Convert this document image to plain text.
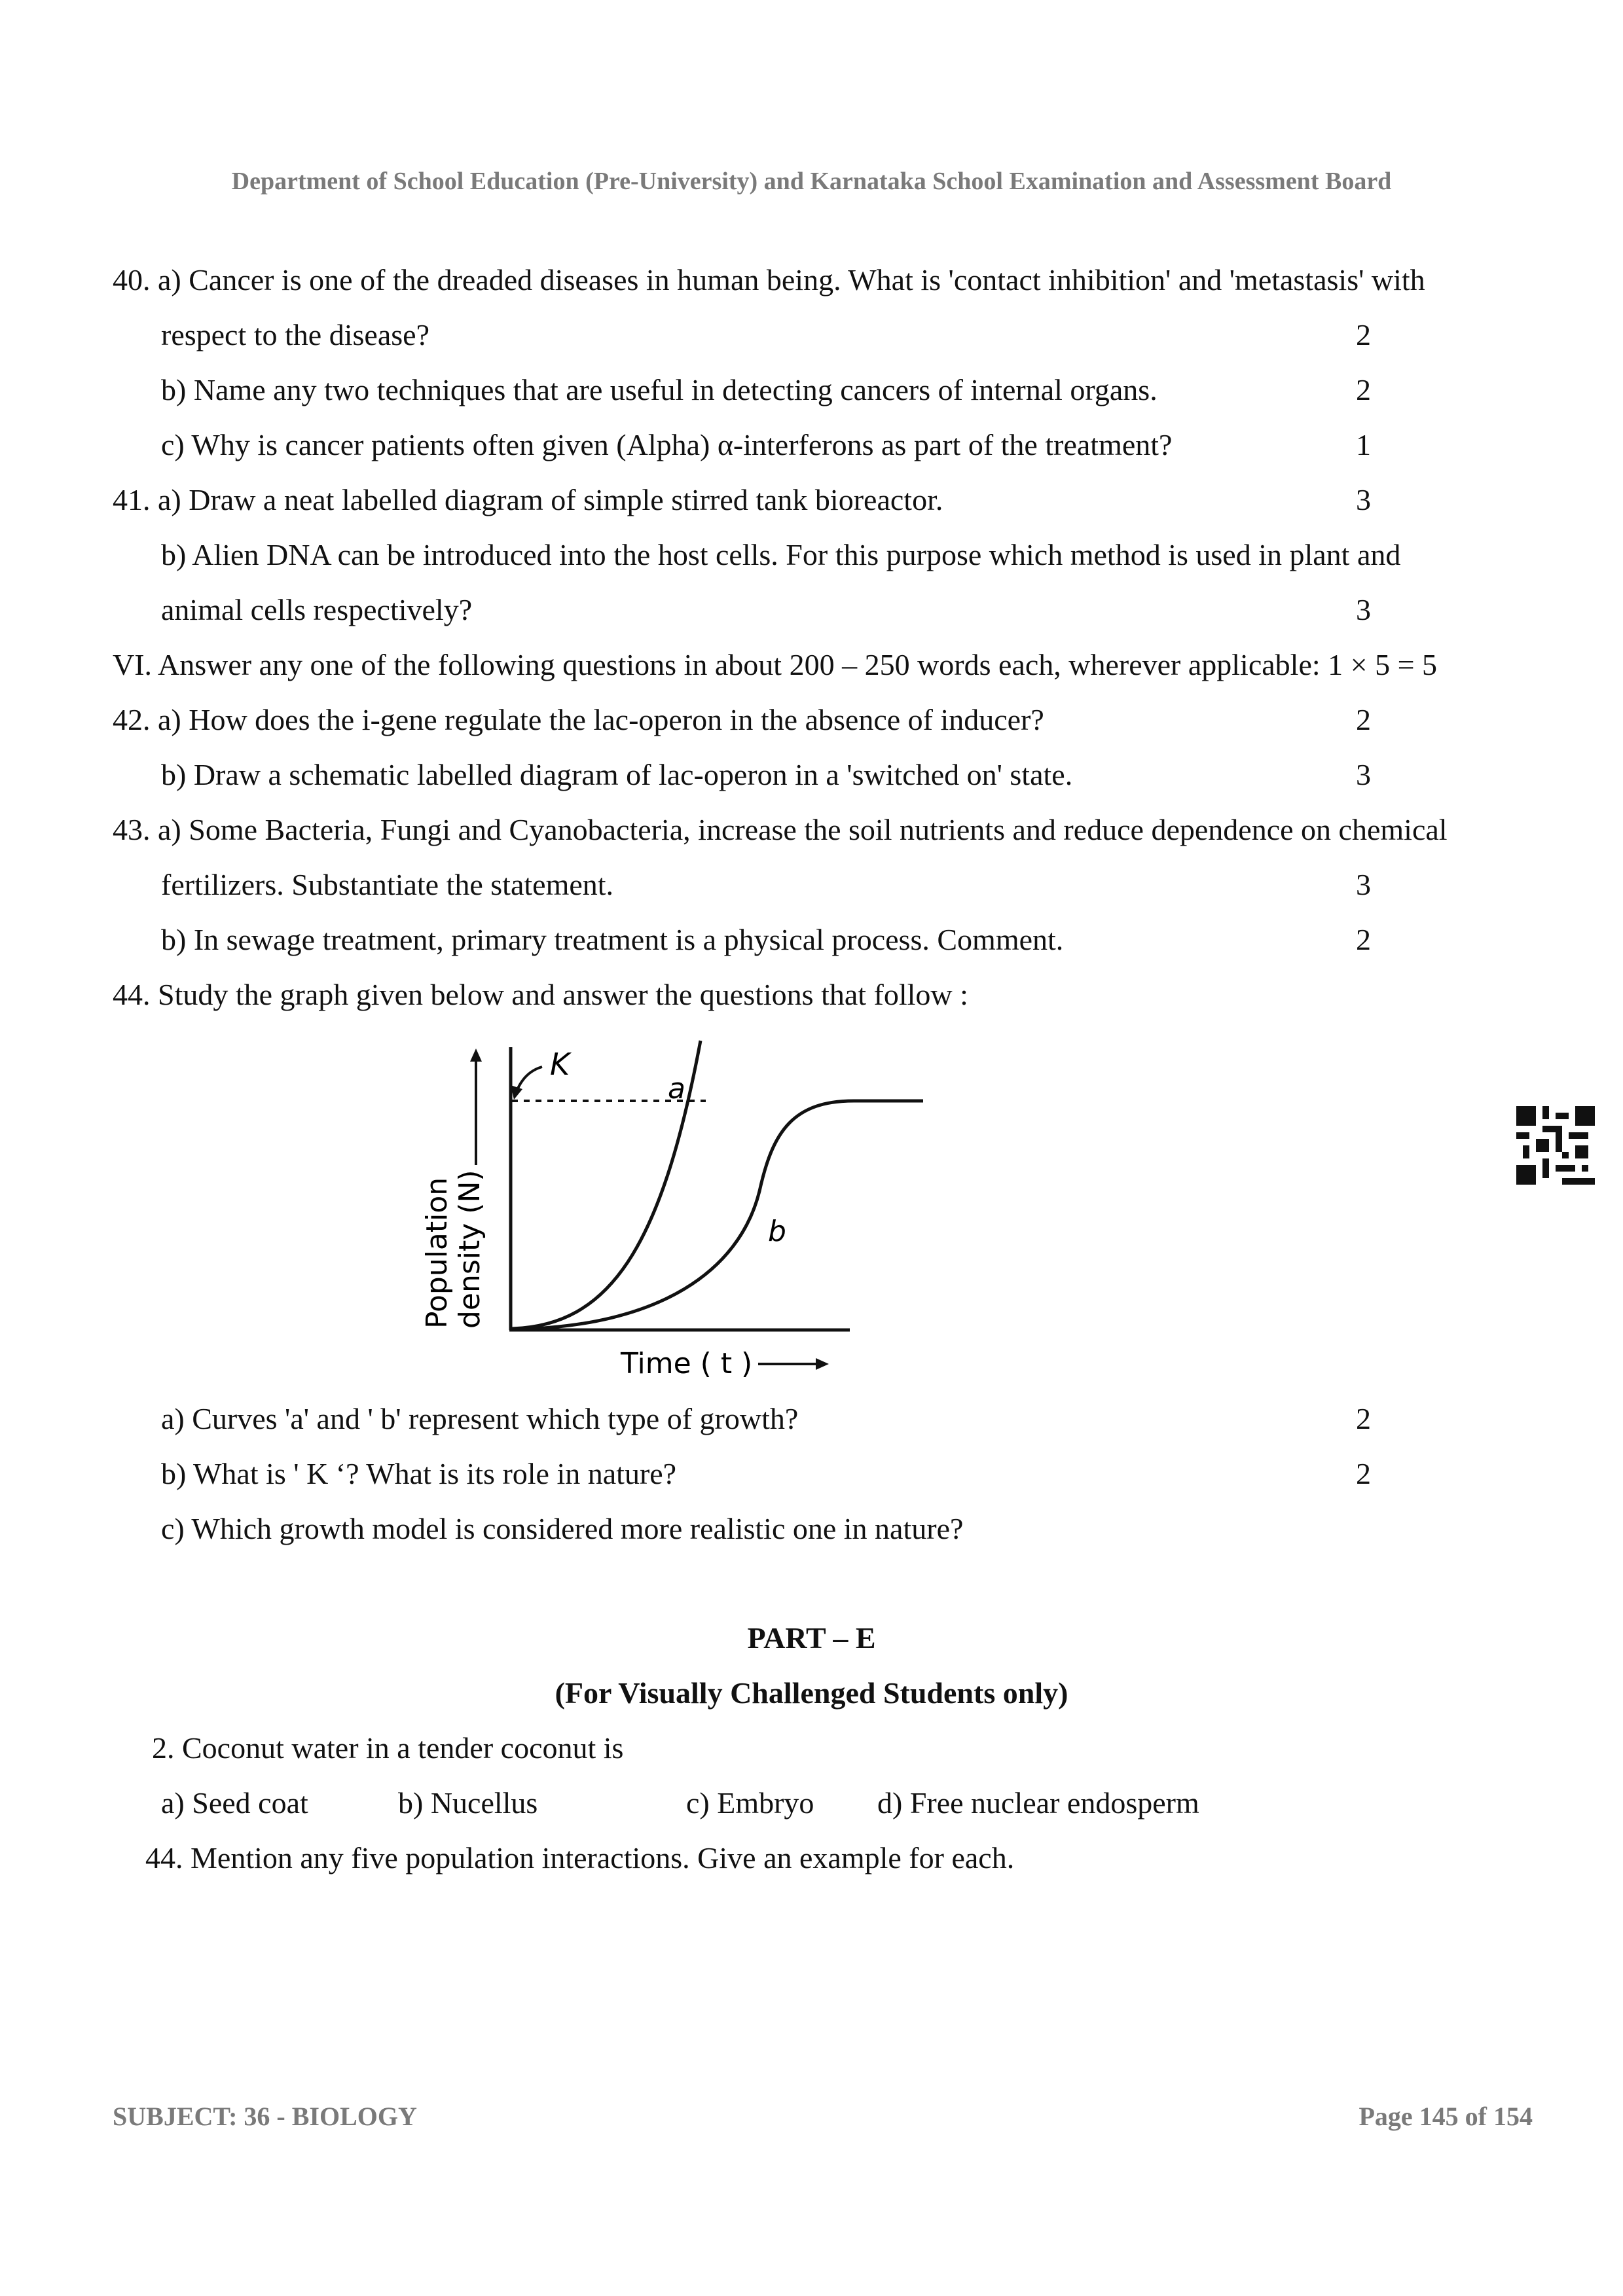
Department of School Education (Pre-University) and Karnataka School Examination and Assessment Board
40. a) Cancer is one of the dreaded diseases in human being. What is 'contact inhibition' and 'metastasis' with
respect to the disease?	2
b) Name any two techniques that are useful in detecting cancers of internal organs.	2
c) Why is cancer patients often given (Alpha) α-interferons as part of the treatment?	1
41. a) Draw a neat labelled diagram of simple stirred tank bioreactor.	3
b) Alien DNA can be introduced into the host cells. For this purpose which method is used in plant and
animal cells respectively?	3
VI. Answer any one of the following questions in about 200 – 250 words each, wherever applicable: 1 × 5 = 5
42. a) How does the i-gene regulate the lac-operon in the absence of inducer?	2
b) Draw a schematic labelled diagram of lac-operon in a 'switched on' state.	3
43. a) Some Bacteria, Fungi and Cyanobacteria, increase the soil nutrients and reduce dependence on chemical
fertilizers. Substantiate the statement.	3
b) In sewage treatment, primary treatment is a physical process. Comment.	2
44. Study the graph given below and answer the questions that follow :
K
a
b
Population density (N)
Time ( t )
a) Curves 'a' and ' b' represent which type of growth?	2
b) What is ' K ‘? What is its role in nature?	2
c) Which growth model is considered more realistic one in nature?
PART – E
(For Visually Challenged Students only)
2. Coconut water in a tender coconut is
a) Seed coat	b) Nucellus	c) Embryo d) Free nuclear endosperm
44. Mention any five population interactions. Give an example for each.
SUBJECT: 36 - BIOLOGY	Page 145 of 154
